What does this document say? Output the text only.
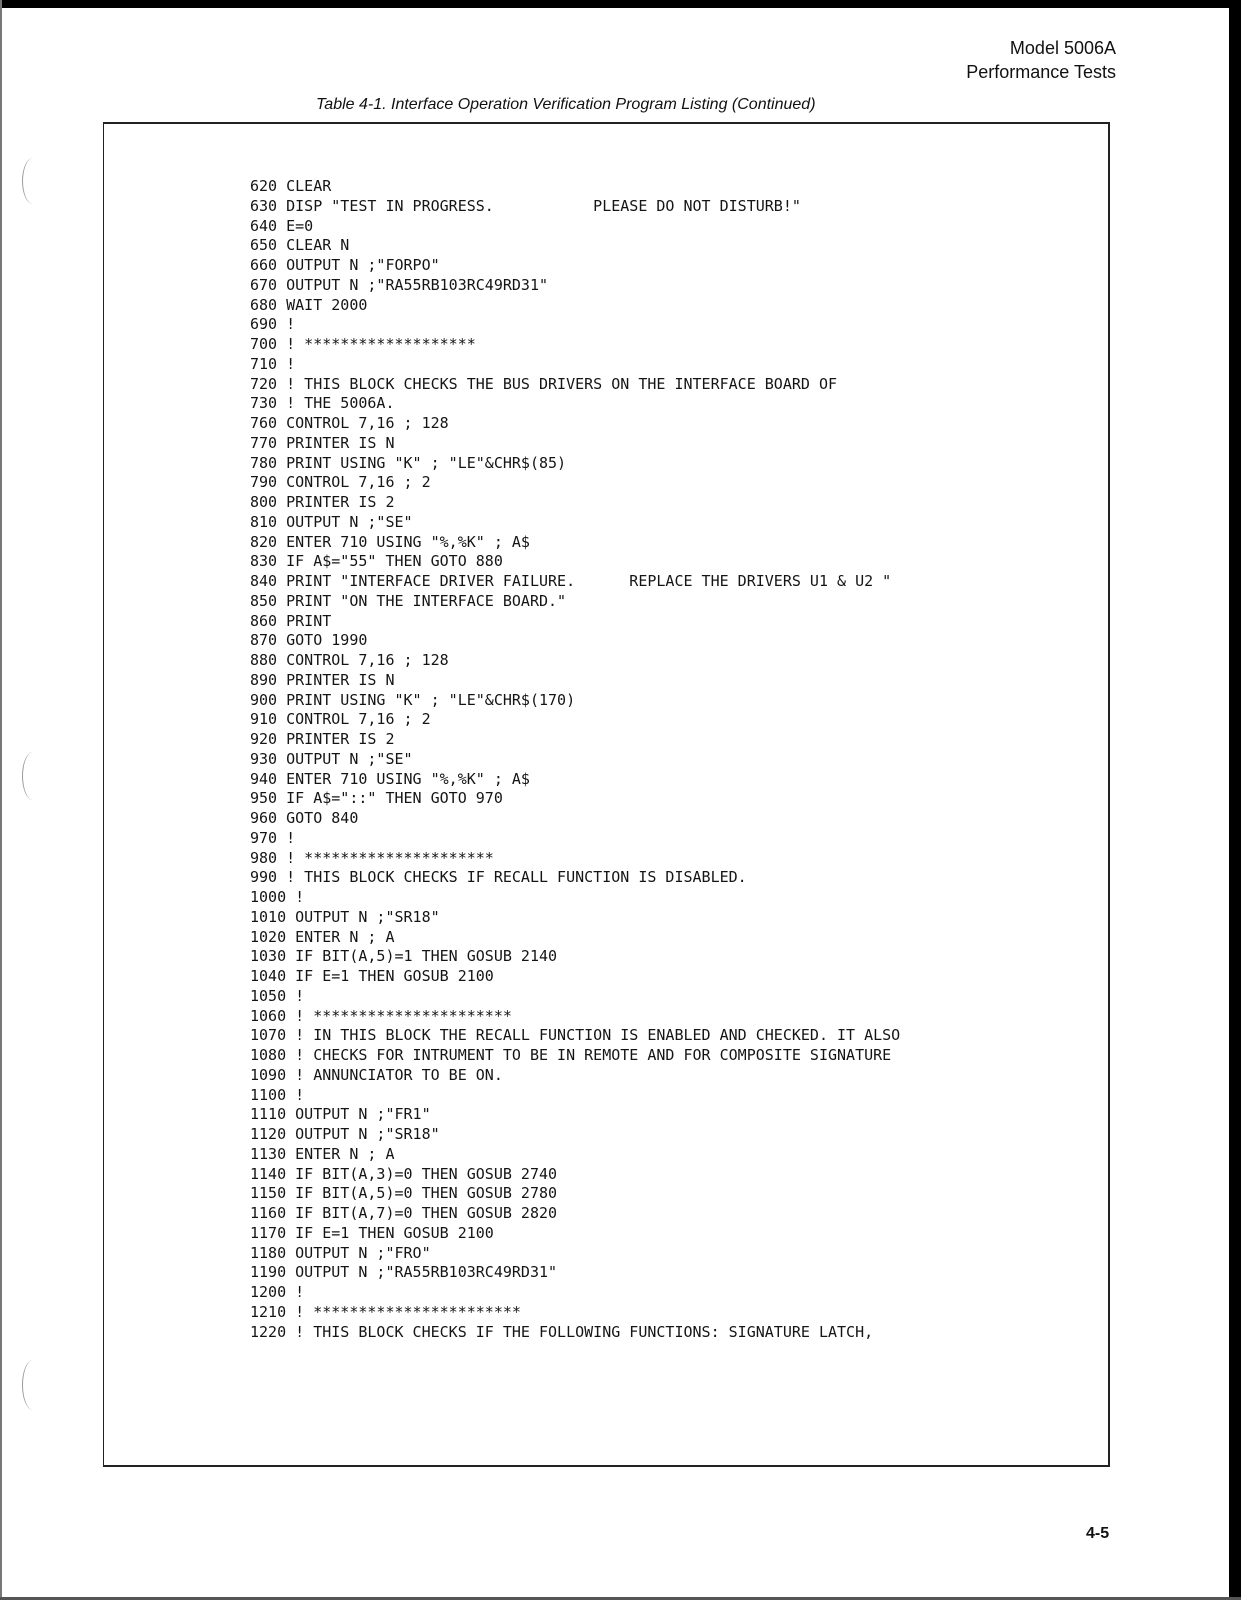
Model 5006A
Performance Tests
Table 4-1. Interface Operation Verification Program Listing (Continued)
620 CLEAR
630 DISP "TEST IN PROGRESS.           PLEASE DO NOT DISTURB!"
640 E=0
650 CLEAR N
660 OUTPUT N ;"FORPO"
670 OUTPUT N ;"RA55RB103RC49RD31"
680 WAIT 2000
690 !
700 ! *******************
710 !
720 ! THIS BLOCK CHECKS THE BUS DRIVERS ON THE INTERFACE BOARD OF
730 ! THE 5006A.
760 CONTROL 7,16 ; 128
770 PRINTER IS N
780 PRINT USING "K" ; "LE"&CHR$(85)
790 CONTROL 7,16 ; 2
800 PRINTER IS 2
810 OUTPUT N ;"SE"
820 ENTER 710 USING "%,%K" ; A$
830 IF A$="55" THEN GOTO 880
840 PRINT "INTERFACE DRIVER FAILURE.      REPLACE THE DRIVERS U1 & U2 "
850 PRINT "ON THE INTERFACE BOARD."
860 PRINT
870 GOTO 1990
880 CONTROL 7,16 ; 128
890 PRINTER IS N
900 PRINT USING "K" ; "LE"&CHR$(170)
910 CONTROL 7,16 ; 2
920 PRINTER IS 2
930 OUTPUT N ;"SE"
940 ENTER 710 USING "%,%K" ; A$
950 IF A$="::" THEN GOTO 970
960 GOTO 840
970 !
980 ! *********************
990 ! THIS BLOCK CHECKS IF RECALL FUNCTION IS DISABLED.
1000 !
1010 OUTPUT N ;"SR18"
1020 ENTER N ; A
1030 IF BIT(A,5)=1 THEN GOSUB 2140
1040 IF E=1 THEN GOSUB 2100
1050 !
1060 ! **********************
1070 ! IN THIS BLOCK THE RECALL FUNCTION IS ENABLED AND CHECKED. IT ALSO
1080 ! CHECKS FOR INTRUMENT TO BE IN REMOTE AND FOR COMPOSITE SIGNATURE
1090 ! ANNUNCIATOR TO BE ON.
1100 !
1110 OUTPUT N ;"FR1"
1120 OUTPUT N ;"SR18"
1130 ENTER N ; A
1140 IF BIT(A,3)=0 THEN GOSUB 2740
1150 IF BIT(A,5)=0 THEN GOSUB 2780
1160 IF BIT(A,7)=0 THEN GOSUB 2820
1170 IF E=1 THEN GOSUB 2100
1180 OUTPUT N ;"FRO"
1190 OUTPUT N ;"RA55RB103RC49RD31"
1200 !
1210 ! ***********************
1220 ! THIS BLOCK CHECKS IF THE FOLLOWING FUNCTIONS: SIGNATURE LATCH,
4-5
